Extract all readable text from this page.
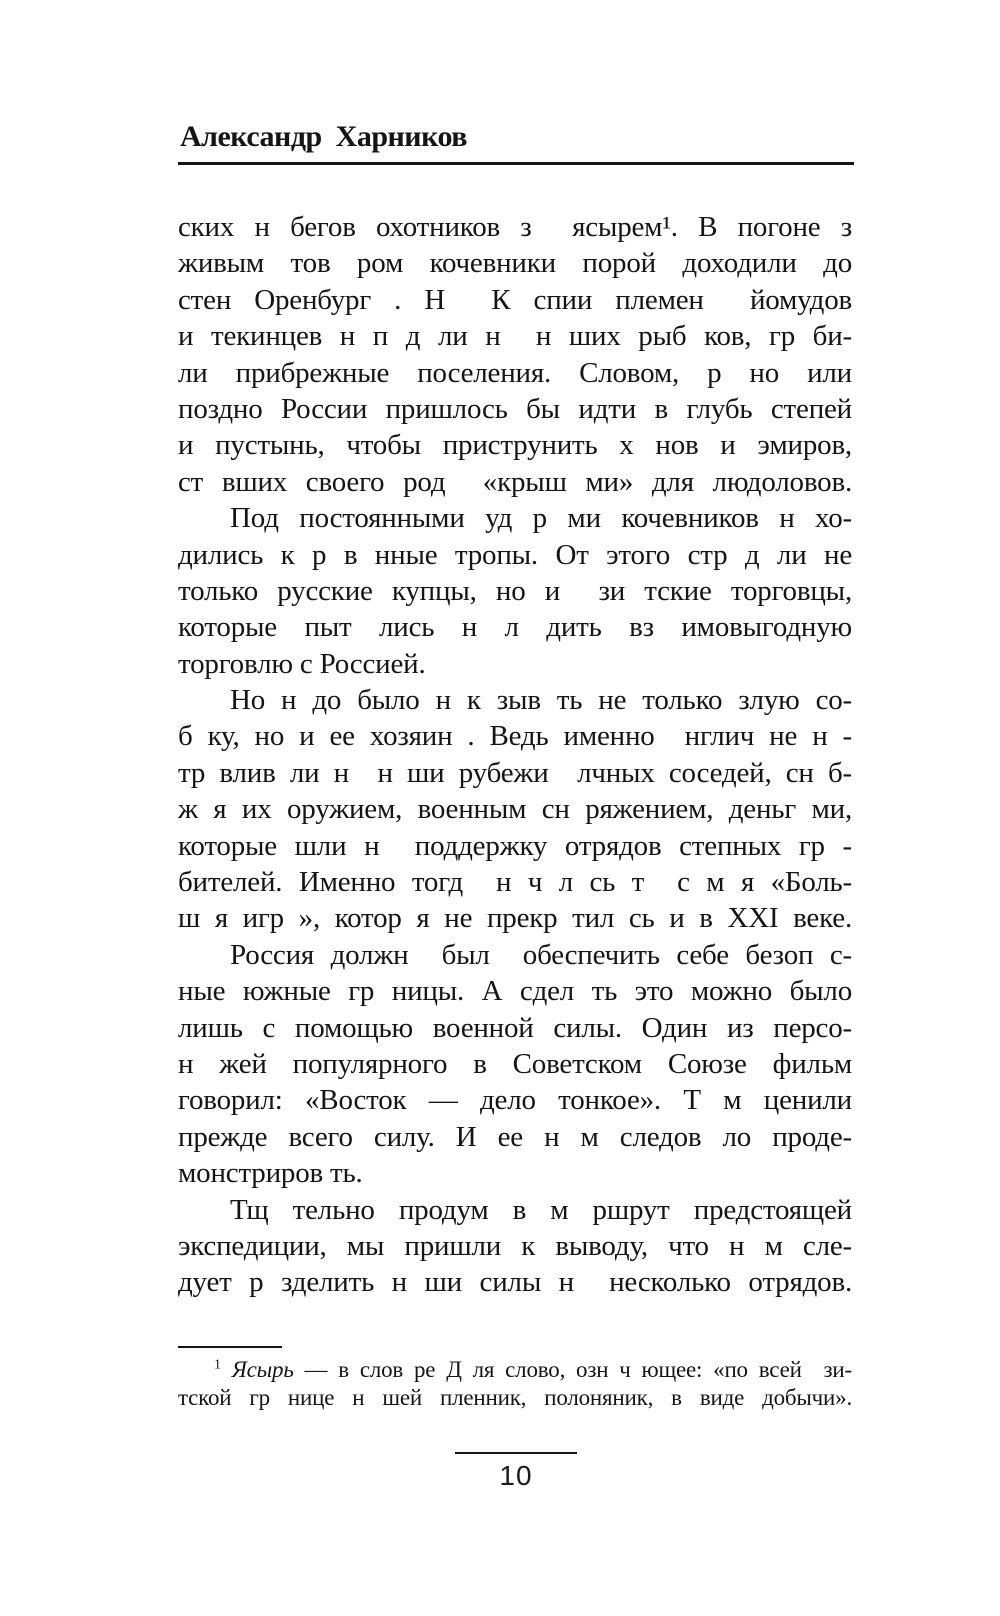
Александр  Харников
ских н бегов охотников з  ясырем¹. В погоне з
живым тов ром кочевники порой доходили до
стен Оренбург . Н  К спии племен  йомудов
и текинцев н п д ли н  н ших рыб ков, гр би-
ли прибрежные поселения. Словом, р но или
поздно России пришлось бы идти в глубь степей
и пустынь, чтобы приструнить х нов и эмиров,
ст вших своего род  «крыш ми» для людоловов.
Под постоянными уд р ми кочевников н хо-
дились к р в нные тропы. От этого стр д ли не
только русские купцы, но и  зи тские торговцы,
которые пыт лись н л дить вз имовыгодную
торговлю с Россией.
Но н до было н к зыв ть не только злую со-
б ку, но и ее хозяин . Ведь именно  нглич не н -
тр влив ли н  н ши рубежи  лчных соседей, сн б-
ж я их оружием, военным сн ряжением, деньг ми,
которые шли н  поддержку отрядов степных гр -
бителей. Именно тогд  н ч л сь т  с м я «Боль-
ш я игр », котор я не прекр тил сь и в XXI веке.
Россия должн  был  обеспечить себе безоп с-
ные южные гр ницы. А сдел ть это можно было
лишь с помощью военной силы. Один из персо-
н жей популярного в Советском Союзе фильм
говорил: «Восток — дело тонкое». Т м ценили
прежде всего силу. И ее н м следов ло проде-
монстриров ть.
Тщ тельно продум в м ршрут предстоящей
экспедиции, мы пришли к выводу, что н м сле-
дует р зделить н ши силы н  несколько отрядов.
$^1$ Ясырь — в слов ре Д ля слово, озн ч ющее: «по всей  зи-
тской гр нице н шей пленник, полоняник, в виде добычи».
10
